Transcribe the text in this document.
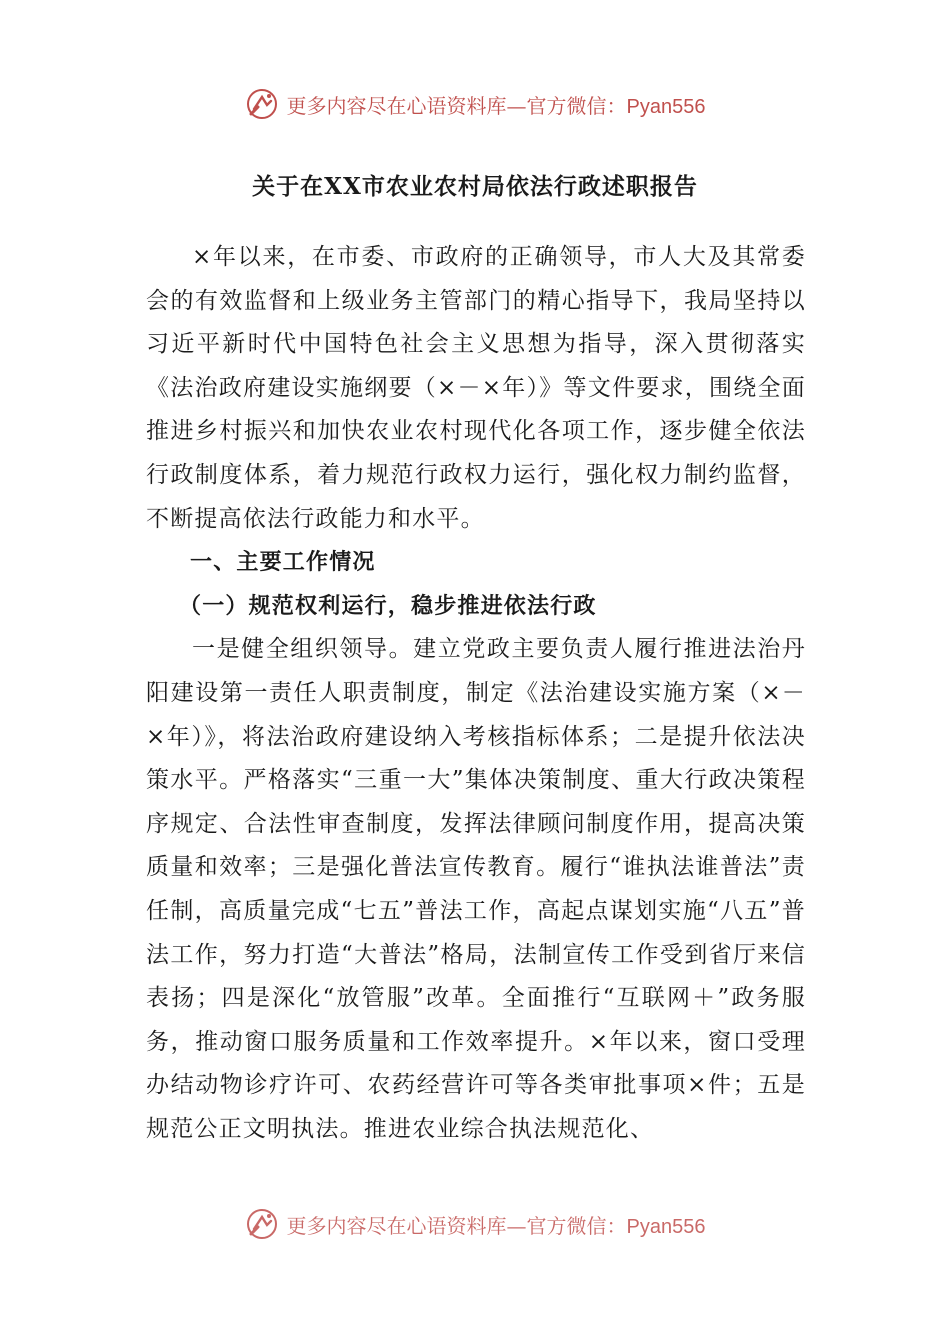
更多内容尽在心语资料库—官方微信：Pyan556
关于在XX市农业农村局依法行政述职报告

×年以来，在市委、市政府的正确领导，市人大及其常委会的有效监督和上级业务主管部门的精心指导下，我局坚持以习近平新时代中国特色社会主义思想为指导，深入贯彻落实《法治政府建设实施纲要（×－×年）》等文件要求，围绕全面推进乡村振兴和加快农业农村现代化各项工作，逐步健全依法行政制度体系，着力规范行政权力运行，强化权力制约监督，不断提高依法行政能力和水平。

一、主要工作情况

（一）规范权利运行，稳步推进依法行政

一是健全组织领导。建立党政主要负责人履行推进法治丹阳建设第一责任人职责制度，制定《法治建设实施方案（×－×年）》，将法治政府建设纳入考核指标体系；二是提升依法决策水平。严格落实“三重一大”集体决策制度、重大行政决策程序规定、合法性审查制度，发挥法律顾问制度作用，提高决策质量和效率；三是强化普法宣传教育。履行“谁执法谁普法”责任制，高质量完成“七五”普法工作，高起点谋划实施“八五”普法工作，努力打造“大普法”格局，法制宣传工作受到省厅来信表扬；四是深化“放管服”改革。全面推行“互联网＋”政务服务，推动窗口服务质量和工作效率提升。×年以来，窗口受理办结动物诊疗许可、农药经营许可等各类审批事项×件；五是规范公正文明执法。推进农业综合执法规范化、

更多内容尽在心语资料库—官方微信：Pyan556
